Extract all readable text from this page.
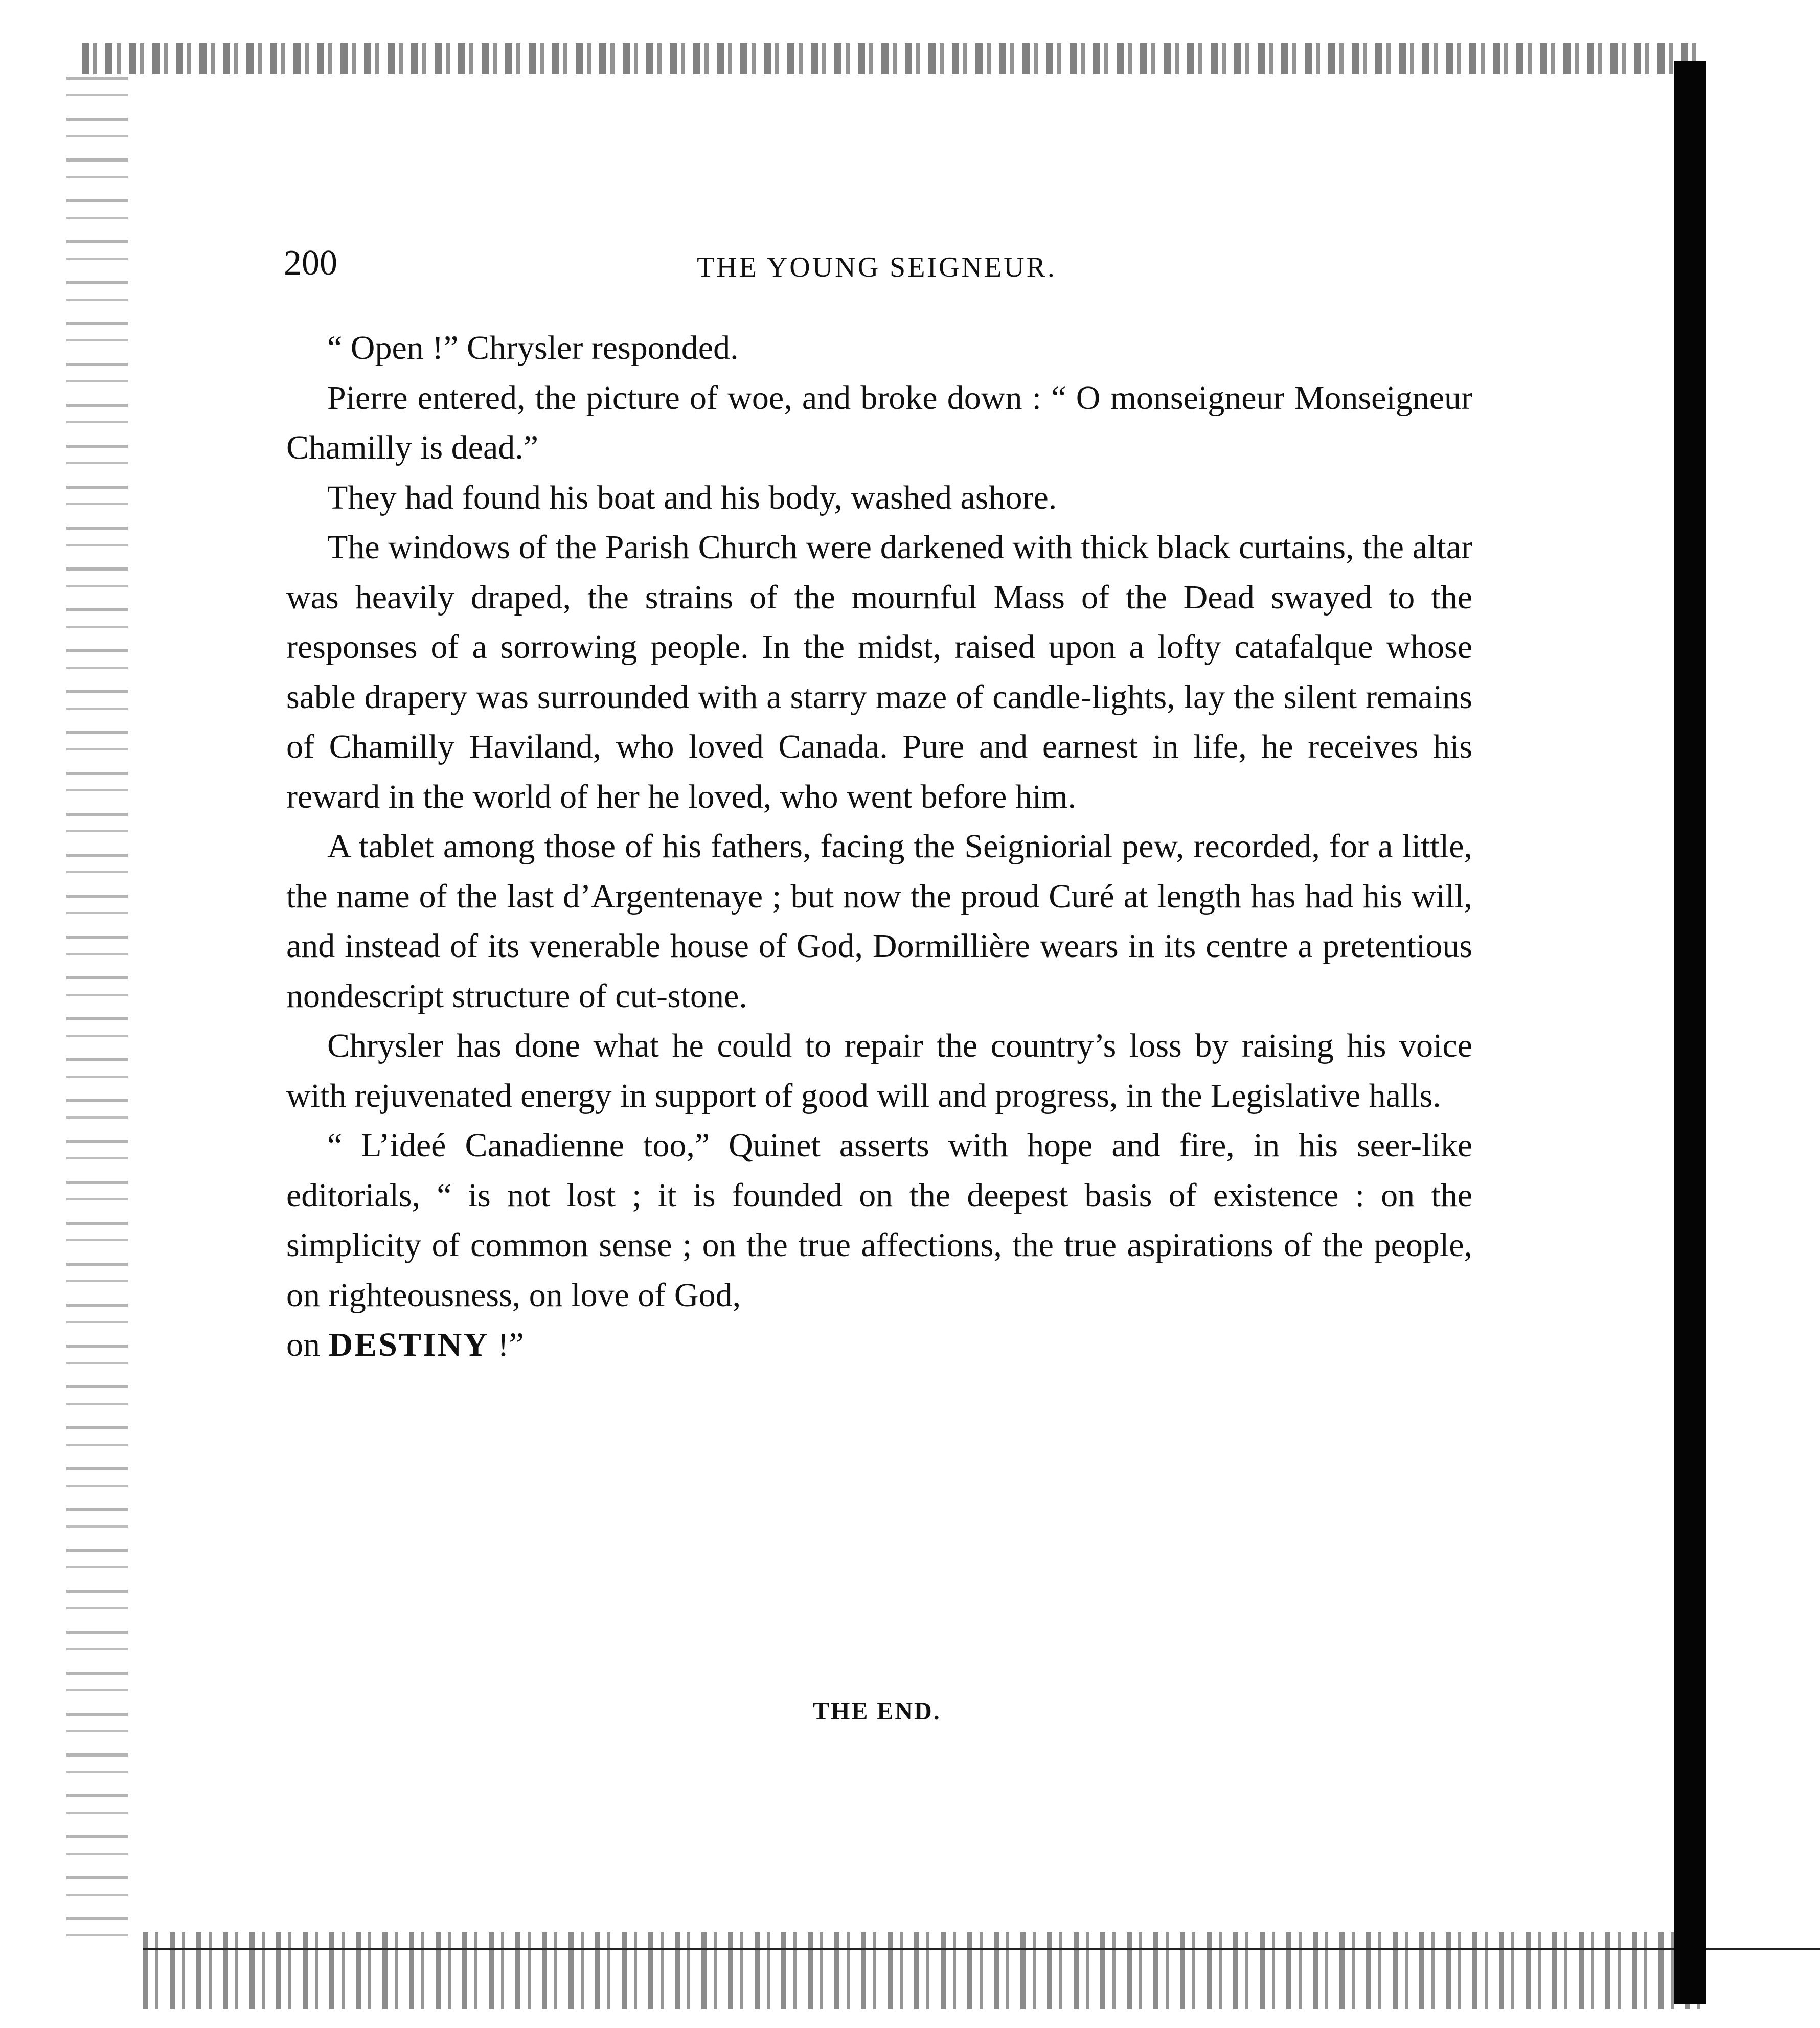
200	THE YOUNG SEIGNEUR.

“ Open !” Chrysler responded.

Pierre entered, the picture of woe, and broke down : “ O monseigneur Monseigneur Chamilly is dead.”

They had found his boat and his body, washed ashore.

The windows of the Parish Church were darkened with thick black curtains, the altar was heavily draped, the strains of the mournful Mass of the Dead swayed to the responses of a sorrowing people. In the midst, raised upon a lofty catafalque whose sable drapery was surrounded with a starry maze of candle-lights, lay the silent remains of Chamilly Haviland, who loved Canada. Pure and earnest in life, he receives his reward in the world of her he loved, who went before him.

A tablet among those of his fathers, facing the Seigniorial pew, recorded, for a little, the name of the last d’Argentenaye ; but now the proud Curé at length has had his will, and instead of its venerable house of God, Dormillière wears in its centre a pretentious nondescript structure of cut-stone.

Chrysler has done what he could to repair the country’s loss by raising his voice with rejuvenated energy in support of good will and progress, in the Legislative halls.

“ L’ideé Canadienne too,” Quinet asserts with hope and fire, in his seer-like editorials, “ is not lost ; it is founded on the deepest basis of existence : on the simplicity of common sense ; on the true affections, the true aspirations of the people, on righteousness, on love of God,

on DESTINY !”

THE END.
